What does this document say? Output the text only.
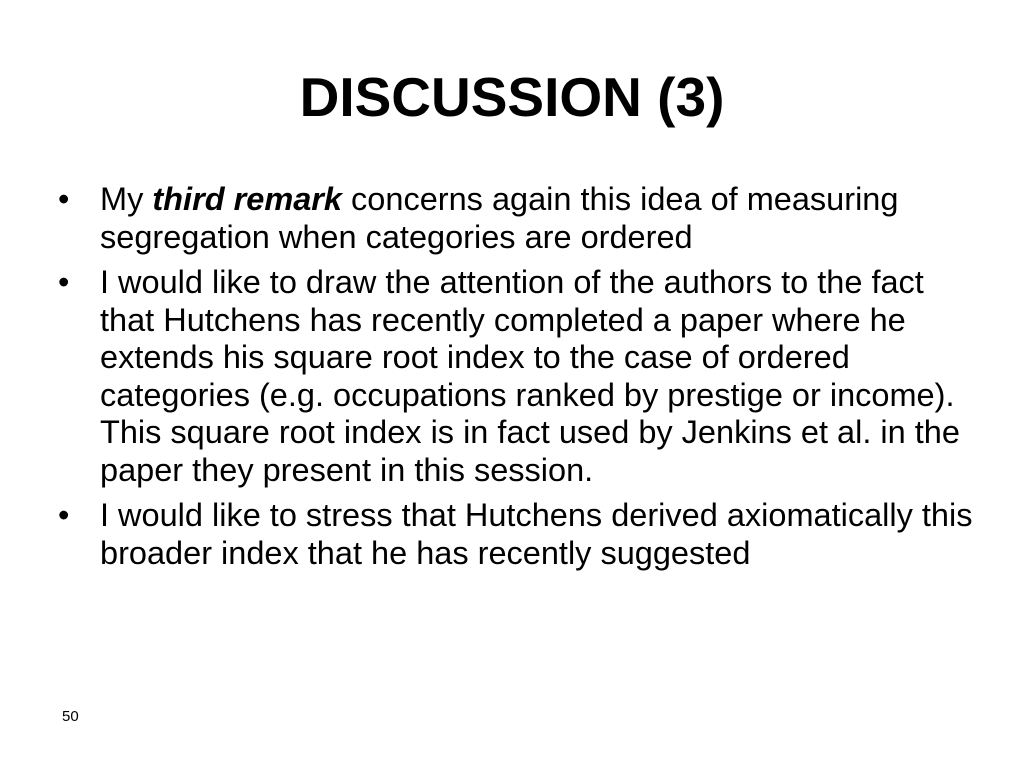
DISCUSSION (3)
• My third remark concerns again this idea of measuring segregation when categories are ordered
• I would like to draw the attention of the authors to the fact that Hutchens has recently completed a paper where he extends his square root index to the case of ordered categories (e.g. occupations ranked by prestige or income). This square root index is in fact used by Jenkins et al. in the paper they present in this session.
• I would like to stress that Hutchens derived axiomatically this broader index that he has recently suggested
50
